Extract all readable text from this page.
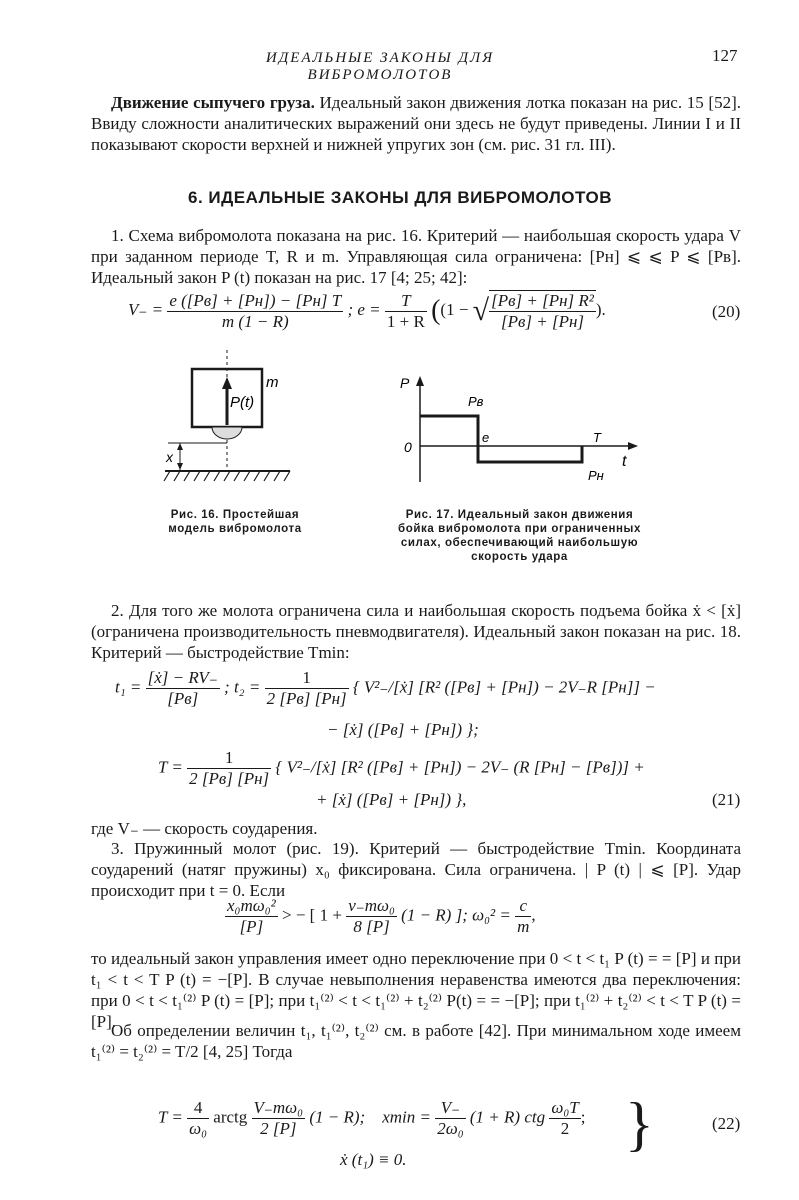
ИДЕАЛЬНЫЕ ЗАКОНЫ ДЛЯ ВИБРОМОЛОТОВ
127
Движение сыпучего груза. Идеальный закон движения лотка показан на рис. 15 [52]. Ввиду сложности аналитических выражений они здесь не будут приведены. Линии I и II показывают скорости верхней и нижней упругих зон (см. рис. 31 гл. III).
6. ИДЕАЛЬНЫЕ ЗАКОНЫ ДЛЯ ВИБРОМОЛОТОВ
1. Схема вибромолота показана на рис. 16. Критерий — наибольшая скорость удара V при заданном периоде T, R и m. Управляющая сила ограничена: [Pн] ⩽ ⩽ P ⩽ [Pв]. Идеальный закон P (t) показан на рис. 17 [4; 25; 42]:
$V_- = \frac{e ([Pв] + [Pн]) - [Pн] T}{m (1 - R)}$ ; $e = \frac{T}{1 + R} ((1$ − √ $\frac{\text{[Pв] + [Pн] R²}}{[Pв] + [Pн]}$ ).	(20)
P(t)
m
x
Рис. 16. Простейшая модель вибромолота
P
t
0
Pв
e	T
Pн
Рис. 17. Идеальный закон движения бойка вибромолота при ограниченных силах, обеспечивающий наибольшую скорость удара
2. Для того же молота ограничена сила и наибольшая скорость подъема бойка ẋ < [ẋ] (ограничена производительность пневмодвигателя). Идеальный закон показан на рис. 18. Критерий — быстродействие Tmin:
$t_1 = \frac{\text{[ẋ] − RV₋}}{[Pв]}$ ; $t_2 = \frac{1}{2 [Pв] [Pн]}$ { V²₋/[ẋ] [R² ([Pв] + [Pн]) − 2V₋R [Pн]] −
− [ẋ] ([Pв] + [Pн]) };
$T = \frac{1}{2 [Pв] [Pн]}$ { V²₋/[ẋ] [R² ([Pв] + [Pн]) − 2V₋ (R [Pн] − [Pв])] +
+ [ẋ] ([Pв] + [Pн]) },	(21)
где V₋ — скорость соударения.
3. Пружинный молот (рис. 19). Критерий — быстродействие Tmin. Координата соударений (натяг пружины) x₀ фиксирована. Сила ограничена. | P (t) | ⩽ [P]. Удар происходит при t = 0. Если
$\frac{\text{x₀mω₀²}}{[P]}$ > − [ $1 + \frac{\text{v₋mω₀}}{8 [P]} (1 - R)$ ]; $\omega_0^2 = \frac{c}{m}$ ,
то идеальный закон управления имеет одно переключение при 0 < t < t₁ P (t) = = [P] и при t₁ < t < T P (t) = −[P]. В случае невыполнения неравенства имеются два переключения: при 0 < t < t₁⁽²⁾ P (t) = [P]; при t₁⁽²⁾ < t < t₁⁽²⁾ + t₂⁽²⁾ P(t) = = −[P]; при t₁⁽²⁾ + t₂⁽²⁾ < t < T P (t) = [P].
Об определении величин t₁, t₁⁽²⁾, t₂⁽²⁾ см. в работе [42]. При минимальном ходе имеем t₁⁽²⁾ = t₂⁽²⁾ = T/2 [4, 25] Тогда
$T = \frac{4}{\text{ω₀}}$ arctg $\frac{\text{V₋mω₀}}{2 [P]} (1 - R)$; $xmin = \frac{V_-}{\text{2ω₀}} (1 + R)$ ctg $\frac{\text{ω₀T}}{2}$ ;
ẋ (t₁) ≡ 0.
}	(22)
